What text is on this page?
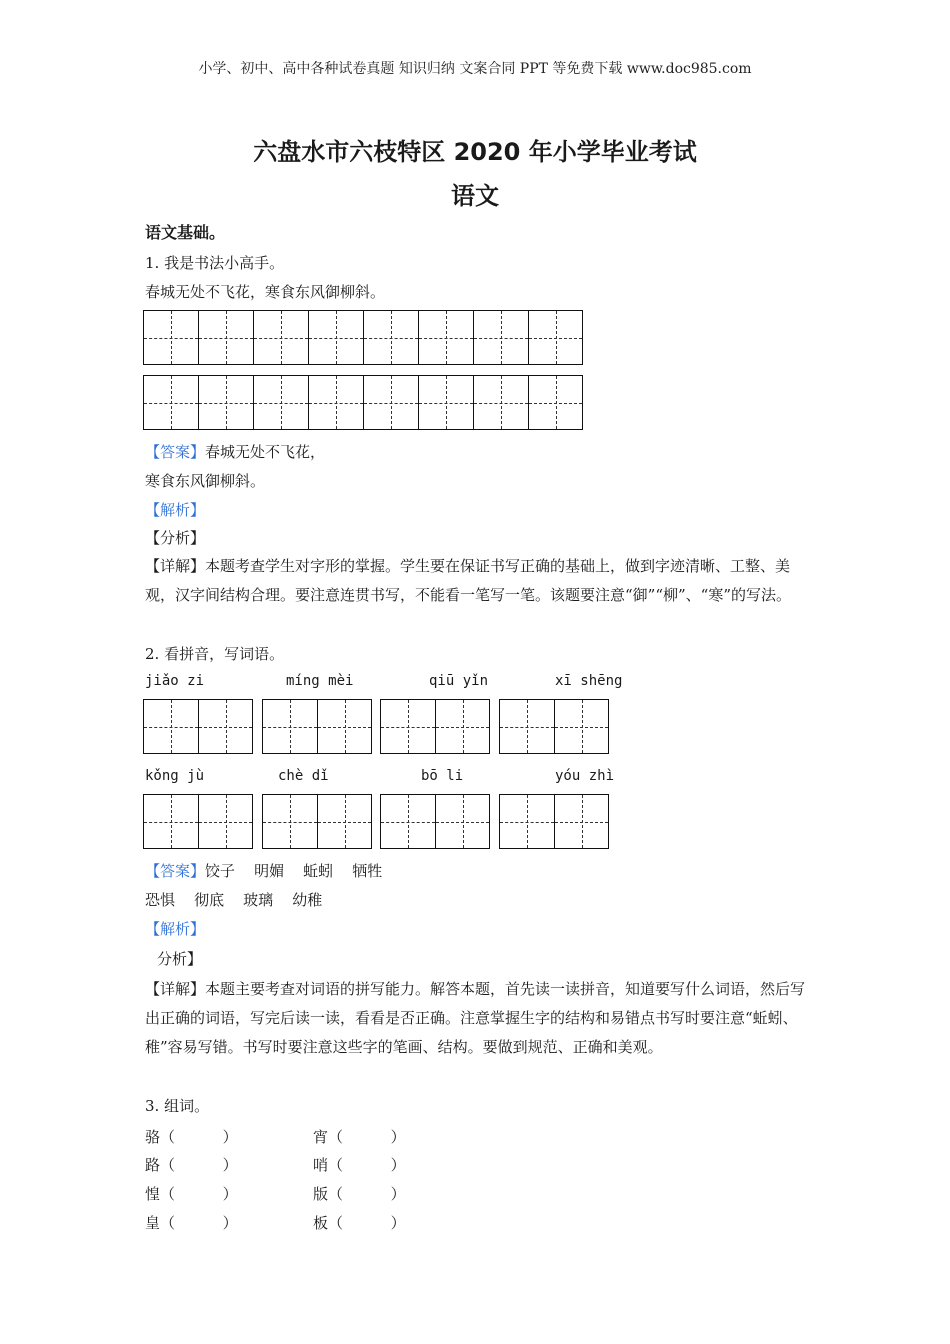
小学、初中、高中各种试卷真题 知识归纳 文案合同 PPT 等免费下载 www.doc985.com
六盘水市六枝特区 2020 年小学毕业考试
语文
语文基础。
1. 我是书法小高手。
春城无处不飞花，寒食东风御柳斜。
【答案】春城无处不飞花，
寒食东风御柳斜。
【解析】
【分析】
【详解】本题考查学生对字形的掌握。学生要在保证书写正确的基础上，做到字迹清晰、工整、美观，汉字间结构合理。要注意连贯书写，不能看一笔写一笔。该题要注意“御”“柳”、“寒”的写法。
2. 看拼音，写词语。
jiǎo zi	míng mèi	qiū yǐn	xī shēng
kǒng jù	chè dǐ	bō li	yóu zhì
【答案】饺子    明媚    蚯蚓    牺牲
恐惧    彻底    玻璃    幼稚
【解析】
分析】
【详解】本题主要考查对词语的拼写能力。解答本题，首先读一读拼音，知道要写什么词语，然后写出正确的词语，写完后读一读，看看是否正确。注意掌握生字的结构和易错点书写时要注意“蚯蚓、稚”容易写错。书写时要注意这些字的笔画、结构。要做到规范、正确和美观。
3. 组词。
骆（          ）	宵（          ）
路（          ）	哨（          ）
惶（          ）	版（          ）
皇（          ）	板（          ）
